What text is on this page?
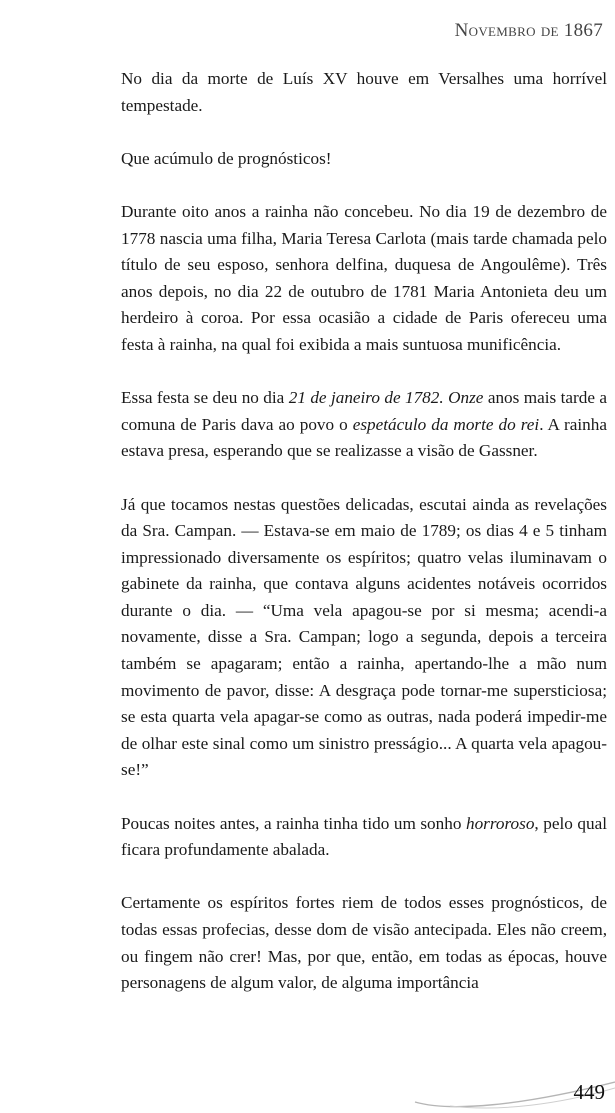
Novembro de 1867

No dia da morte de Luís XV houve em Versalhes uma horrível tempestade.

Que acúmulo de prognósticos!

Durante oito anos a rainha não concebeu. No dia 19 de dezembro de 1778 nascia uma filha, Maria Teresa Carlota (mais tarde chamada pelo título de seu esposo, senhora delfina, duquesa de Angoulême). Três anos depois, no dia 22 de outubro de 1781 Maria Antonieta deu um herdeiro à coroa. Por essa ocasião a cidade de Paris ofereceu uma festa à rainha, na qual foi exibida a mais suntuosa munificência.

Essa festa se deu no dia 21 de janeiro de 1782. Onze anos mais tarde a comuna de Paris dava ao povo o espetáculo da morte do rei. A rainha estava presa, esperando que se realizasse a visão de Gassner.

Já que tocamos nestas questões delicadas, escutai ainda as revelações da Sra. Campan. — Estava-se em maio de 1789; os dias 4 e 5 tinham impressionado diversamente os espíritos; quatro velas iluminavam o gabinete da rainha, que contava alguns acidentes notáveis ocorridos durante o dia. — “Uma vela apagou-se por si mesma; acendi-a novamente, disse a Sra. Campan; logo a segunda, depois a terceira também se apagaram; então a rainha, apertando-lhe a mão num movimento de pavor, disse: A desgraça pode tornar-me supersticiosa; se esta quarta vela apagar-se como as outras, nada poderá impedir-me de olhar este sinal como um sinistro presságio... A quarta vela apagou-se!”

Poucas noites antes, a rainha tinha tido um sonho horroroso, pelo qual ficara profundamente abalada.

Certamente os espíritos fortes riem de todos esses prognósticos, de todas essas profecias, desse dom de visão antecipada. Eles não creem, ou fingem não crer! Mas, por que, então, em todas as épocas, houve personagens de algum valor, de alguma importância

449
